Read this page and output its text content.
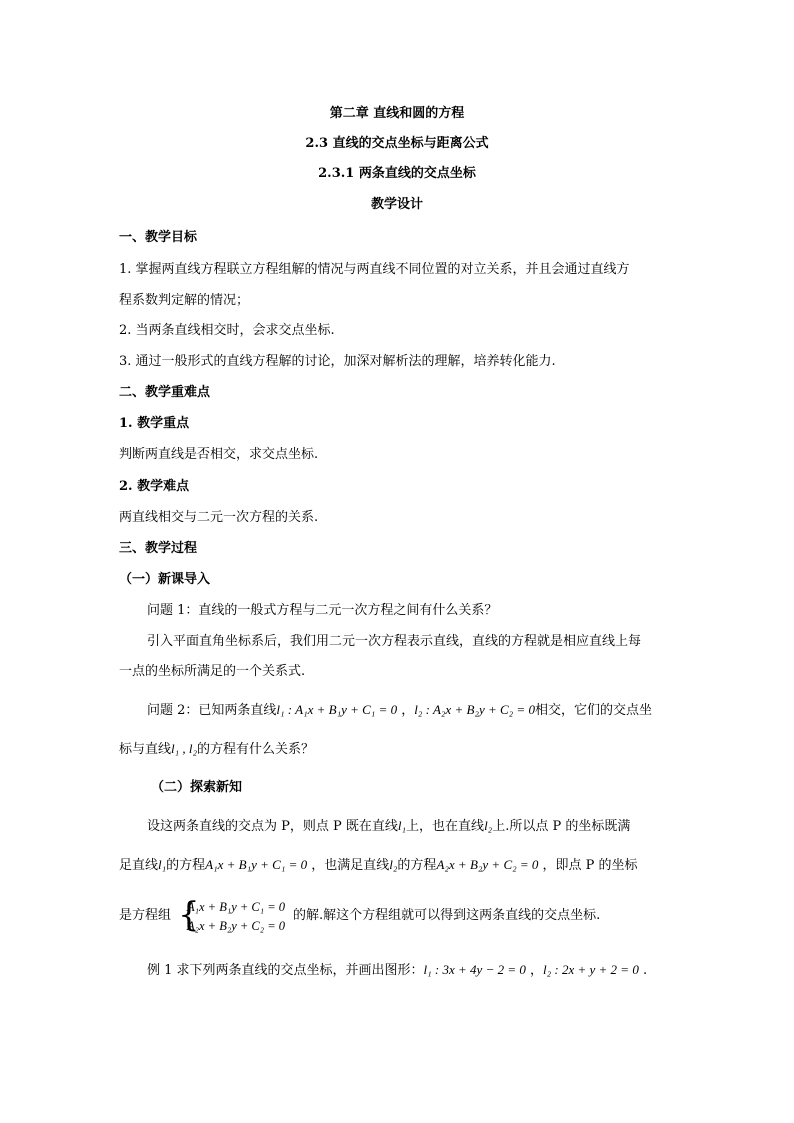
第二章 直线和圆的方程
2.3 直线的交点坐标与距离公式
2.3.1 两条直线的交点坐标
教学设计
一、教学目标
1. 掌握两直线方程联立方程组解的情况与两直线不同位置的对立关系，并且会通过直线方
程系数判定解的情况；
2. 当两条直线相交时，会求交点坐标.
3. 通过一般形式的直线方程解的讨论，加深对解析法的理解，培养转化能力.
二、教学重难点
1. 教学重点
判断两直线是否相交，求交点坐标.
2. 教学难点
两直线相交与二元一次方程的关系.
三、教学过程
（一）新课导入
问题 1：直线的一般式方程与二元一次方程之间有什么关系？
引入平面直角坐标系后，我们用二元一次方程表示直线，直线的方程就是相应直线上每
一点的坐标所满足的一个关系式.
问题 2：已知两条直线l₁ : A₁x + B₁y + C₁ = 0 ，l₂ : A₂x + B₂y + C₂ = 0相交，它们的交点坐
标与直线l₁ , l₂的方程有什么关系？
（二）探索新知
设这两条直线的交点为 P，则点 P 既在直线l₁上，也在直线l₂上.所以点 P 的坐标既满
足直线l₁的方程A₁x + B₁y + C₁ = 0 ，也满足直线l₂的方程A₂x + B₂y + C₂ = 0 ，即点 P 的坐标
是方程组 {
A₁x + B₁y + C₁ = 0
A₂x + B₂y + C₂ = 0
的解.解这个方程组就可以得到这两条直线的交点坐标.
例 1 求下列两条直线的交点坐标，并画出图形：l₁ : 3x + 4y − 2 = 0 ，l₂ : 2x + y + 2 = 0 .
